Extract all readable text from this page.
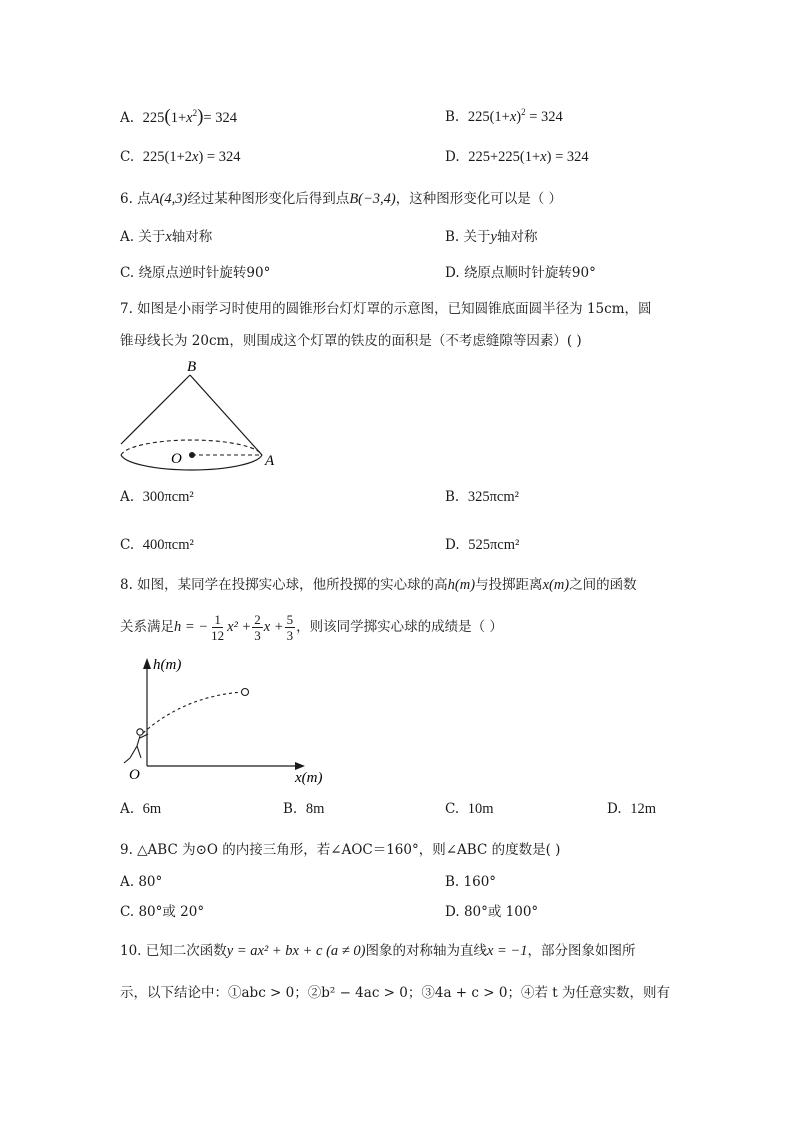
A. $225(1+x^2)= 324$	B. $225(1+x)^2 = 324$
C. 225(1+2x) = 324	D. 225+225(1+x) = 324
6. 点A(4,3)经过某种图形变化后得到点B(−3,4)，这种图形变化可以是（ ）
A. 关于x轴对称	B. 关于y轴对称
C. 绕原点逆时针旋转90°	D. 绕原点顺时针旋转90°
7. 如图是小雨学习时使用的圆锥形台灯灯罩的示意图，已知圆锥底面圆半径为 15cm，圆
锥母线长为 20cm，则围成这个灯罩的铁皮的面积是（不考虑缝隙等因素）( )
B
O	A
A. 300πcm²	B. 325πcm²
C. 400πcm²	D. 525πcm²
8. 如图，某同学在投掷实心球，他所投掷的实心球的高h(m)与投掷距离x(m)之间的函数
关系满足h = − $\frac{1}{12} x^2 + \frac{2}{3}$ $x + \frac{5}{3}$ ，则该同学掷实心球的成绩是（ ）
h(m)
x(m)
O
A. 6m	B. 8m	C. 10m	D. 12m
9. △ABC 为⊙O 的内接三角形，若∠AOC＝160°，则∠ABC 的度数是( )
A. 80°	B. 160°
C. 80°或 20°	D. 80°或 100°
10. 已知二次函数y = ax² + bx + c (a ≠ 0)图象的对称轴为直线x = −1，部分图象如图所
示，以下结论中：①abc > 0；②b² − 4ac > 0；③4a + c > 0；④若 t 为任意实数，则有
